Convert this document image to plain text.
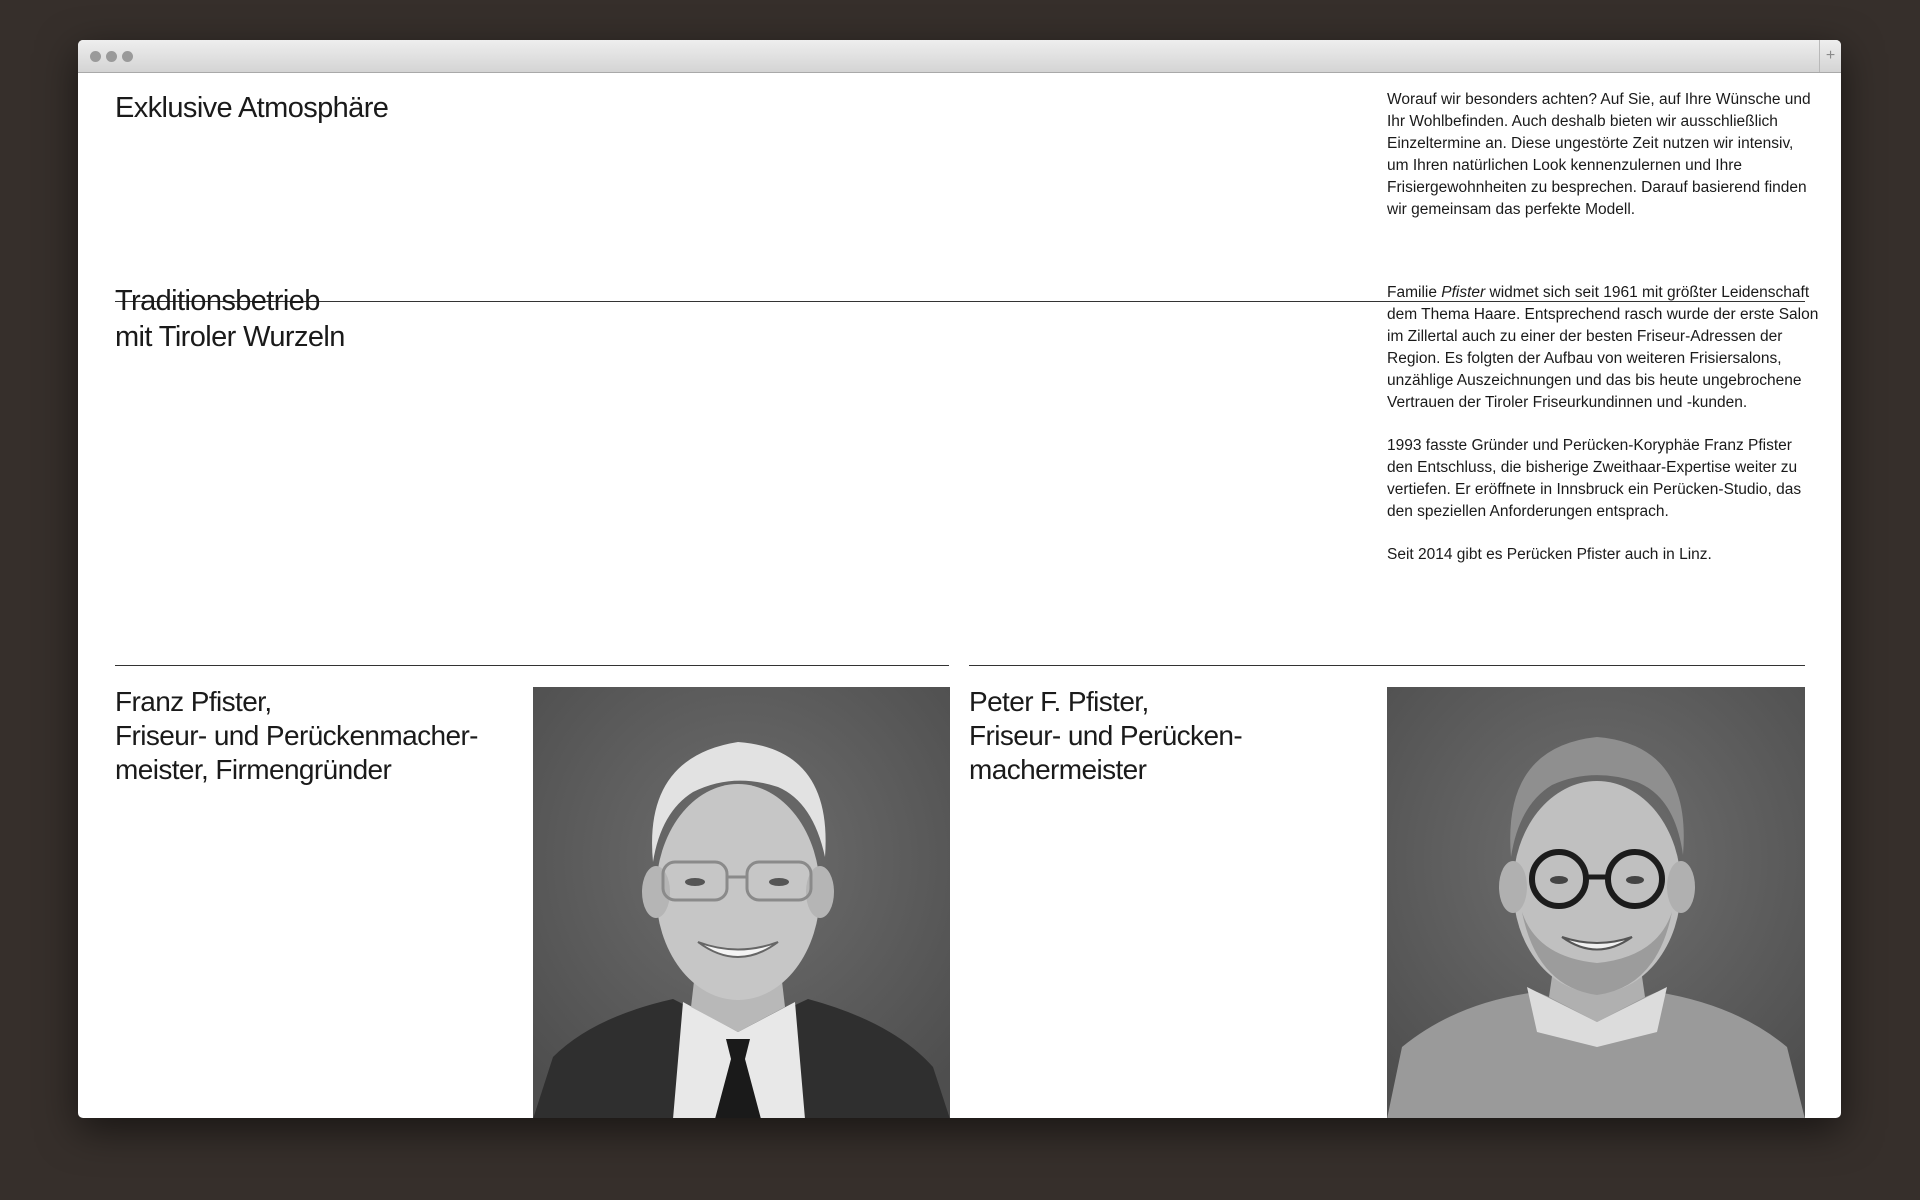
+
Exklusive Atmosphäre	Worauf wir besonders achten? Auf Sie, auf Ihre Wünsche und Ihr Wohlbefinden. Auch deshalb bieten wir ausschließlich Einzeltermine an. Diese ungestörte Zeit nutzen wir intensiv, um Ihren natürlichen Look kennenzulernen und Ihre Frisiergewohnheiten zu besprechen. Darauf basierend finden wir gemeinsam das perfekte Modell.

Traditionsbetrieb
mit Tiroler Wurzeln

Familie Pfister widmet sich seit 1961 mit größter Leidenschaft dem Thema Haare. Entsprechend rasch wurde der erste Salon im Zillertal auch zu einer der besten Friseur-Adressen der Region. Es folgten der Aufbau von weiteren Frisiersalons, unzählige Auszeichnungen und das bis heute ungebrochene Vertrauen der Tiroler Friseurkundinnen und -kunden.

1993 fasste Gründer und Perücken-Koryphäe Franz Pfister den Entschluss, die bisherige Zweithaar-Expertise weiter zu vertiefen. Er eröffnete in Innsbruck ein Perücken-Studio, das den speziellen Anforderungen entsprach.

Seit 2014 gibt es Perücken Pfister auch in Linz.

Franz Pfister,
Friseur- und Perückenmacher-
meister, Firmengründer
Peter F. Pfister,
Friseur- und Perücken-
machermeister
